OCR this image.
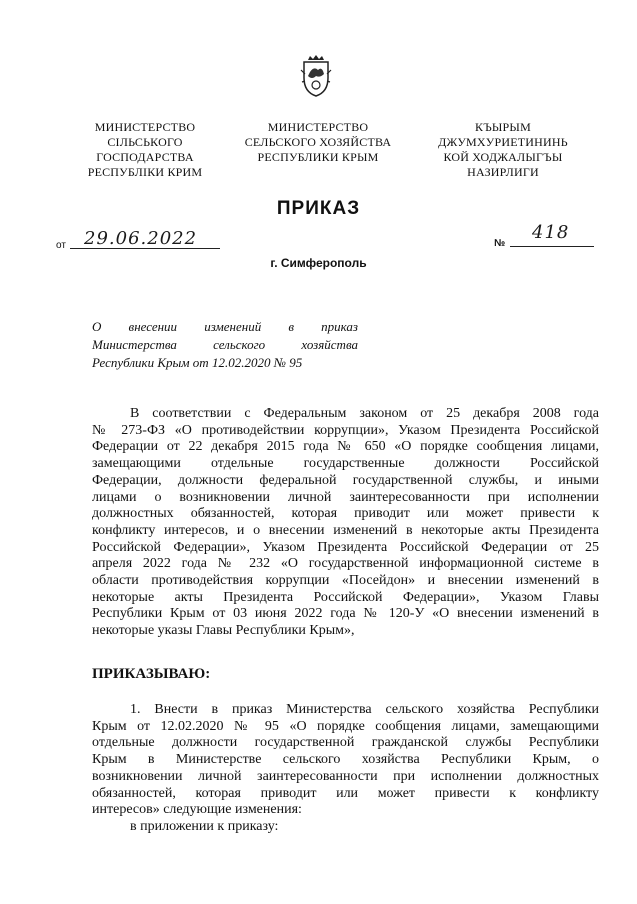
МИНИСТЕРСТВО
СІЛЬСЬКОГО
ГОСПОДАРСТВА
РЕСПУБЛІКИ КРИМ
МИНИСТЕРСТВО
СЕЛЬСКОГО ХОЗЯЙСТВА
РЕСПУБЛИКИ КРЫМ
КЪЫРЫМ
ДЖУМХУРИЕТИНИНЬ
КОЙ ХОДЖАЛЫГЪЫ
НАЗИРЛИГИ
ПРИКАЗ
от 29.06.2022	№
418
г. Симферополь
О внесении изменений в приказ
Министерства сельского хозяйства
Республики Крым от 12.02.2020 № 95
В соответствии с Федеральным законом от 25 декабря 2008 года
№ 273-ФЗ «О противодействии коррупции», Указом Президента Российской
Федерации от 22 декабря 2015 года № 650 «О порядке сообщения лицами,
замещающими отдельные государственные должности Российской
Федерации, должности федеральной государственной службы, и иными
лицами о возникновении личной заинтересованности при исполнении
должностных обязанностей, которая приводит или может привести к
конфликту интересов, и о внесении изменений в некоторые акты Президента
Российской Федерации», Указом Президента Российской Федерации от 25
апреля 2022 года № 232 «О государственной информационной системе в
области противодействия коррупции «Посейдон» и внесении изменений в
некоторые акты Президента Российской Федерации», Указом Главы
Республики Крым от 03 июня 2022 года № 120-У «О внесении изменений в
некоторые указы Главы Республики Крым»,
ПРИКАЗЫВАЮ:
1. Внести в приказ Министерства сельского хозяйства Республики
Крым от 12.02.2020 № 95 «О порядке сообщения лицами, замещающими
отдельные должности государственной гражданской службы Республики
Крым в Министерстве сельского хозяйства Республики Крым, о
возникновении личной заинтересованности при исполнении должностных
обязанностей, которая приводит или может привести к конфликту
интересов» следующие изменения:
в приложении к приказу:
